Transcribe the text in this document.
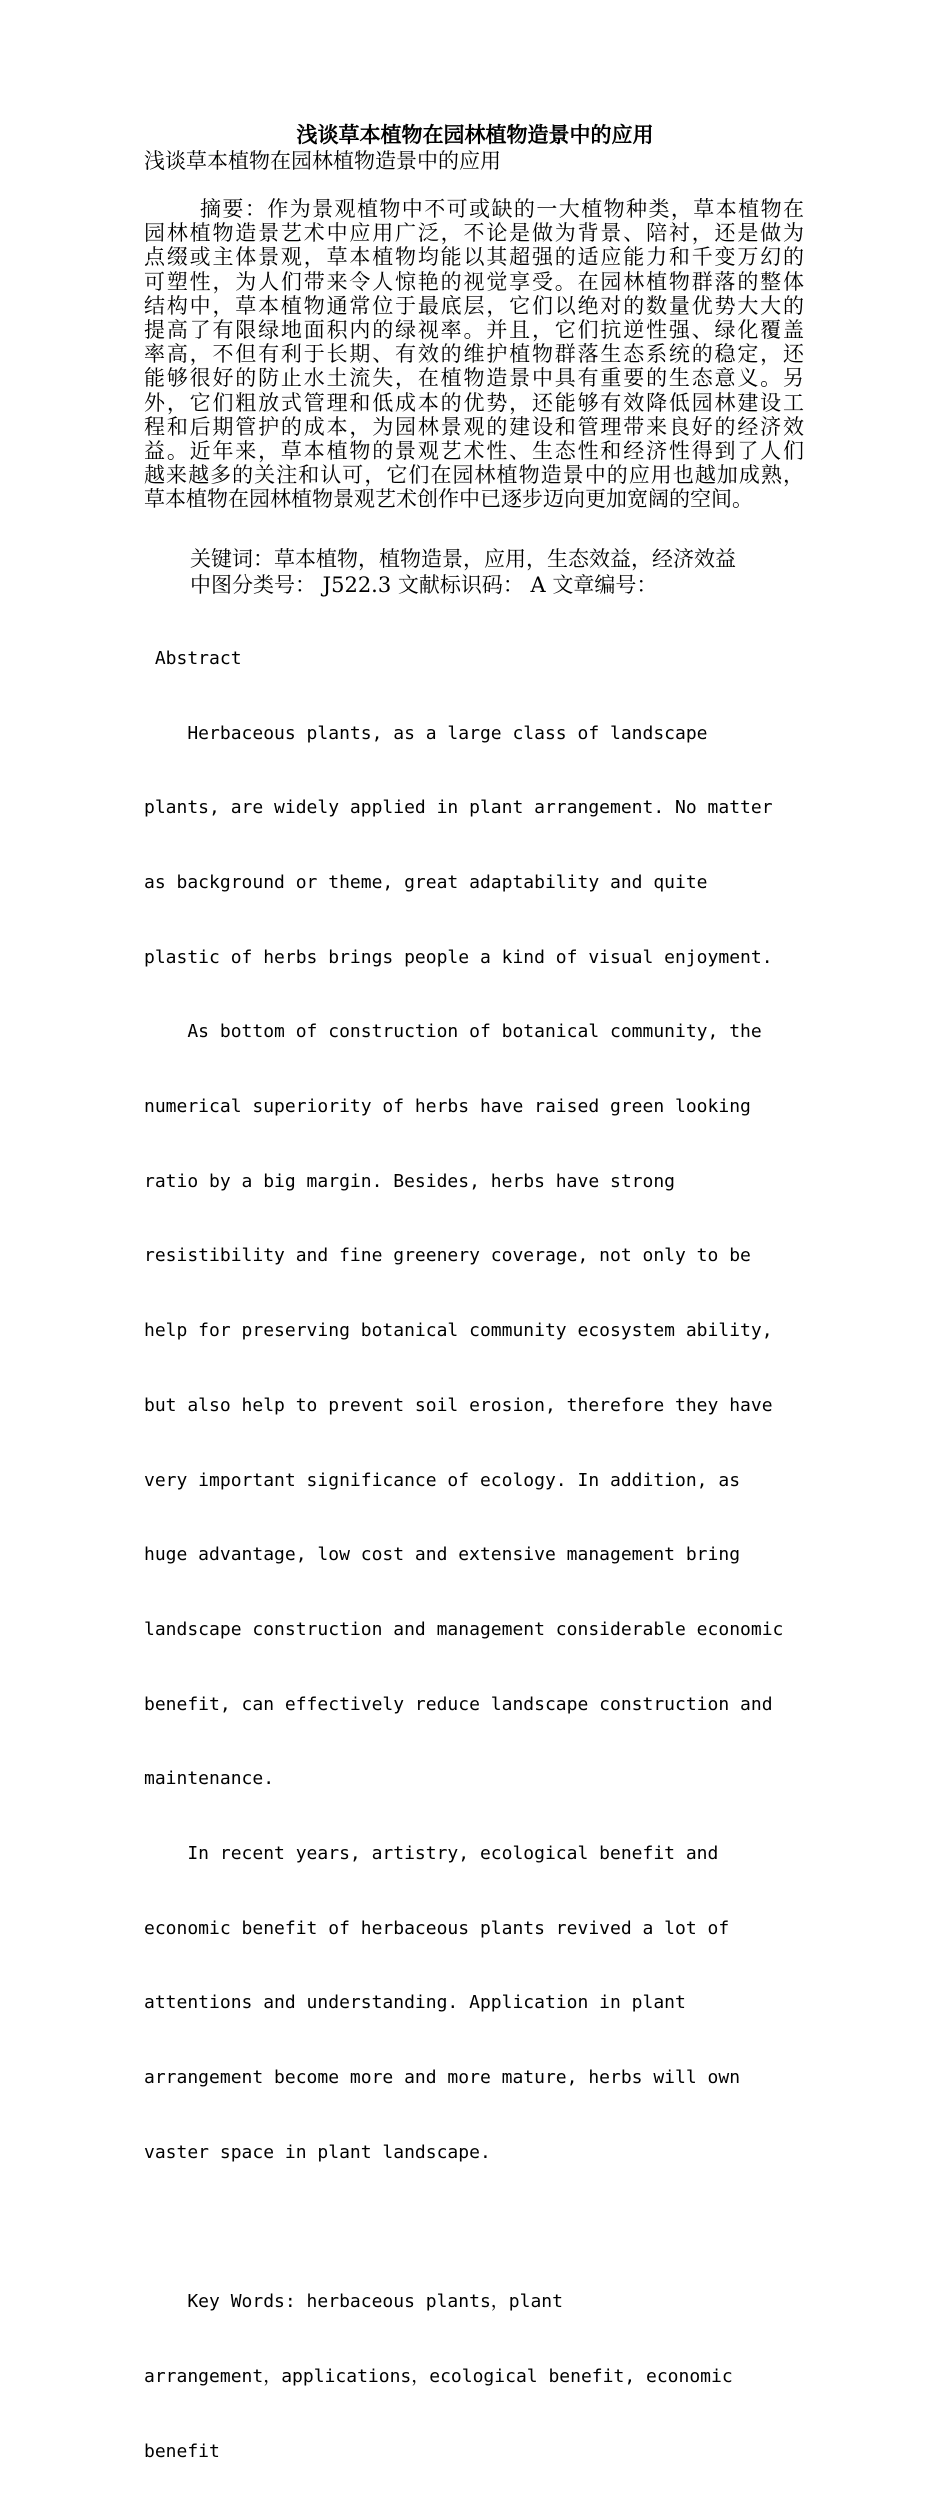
浅谈草本植物在园林植物造景中的应用
浅谈草本植物在园林植物造景中的应用
摘要：作为景观植物中不可或缺的一大植物种类，草本植物在
园林植物造景艺术中应用广泛，不论是做为背景、陪衬，还是做为
点缀或主体景观，草本植物均能以其超强的适应能力和千变万幻的
可塑性，为人们带来令人惊艳的视觉享受。在园林植物群落的整体
结构中，草本植物通常位于最底层，它们以绝对的数量优势大大的
提高了有限绿地面积内的绿视率。并且，它们抗逆性强、绿化覆盖
率高，不但有利于长期、有效的维护植物群落生态系统的稳定，还
能够很好的防止水土流失，在植物造景中具有重要的生态意义。另
外，它们粗放式管理和低成本的优势，还能够有效降低园林建设工
程和后期管护的成本，为园林景观的建设和管理带来良好的经济效
益。近年来，草本植物的景观艺术性、生态性和经济性得到了人们
越来越多的关注和认可，它们在园林植物造景中的应用也越加成熟，
草本植物在园林植物景观艺术创作中已逐步迈向更加宽阔的空间。
关键词：草本植物，植物造景，应用，生态效益，经济效益
中图分类号： J522.3 文献标识码： A 文章编号：

Abstract

Herbaceous plants, as a large class of landscape

plants, are widely applied in plant arrangement. No matter

as background or theme, great adaptability and quite

plastic of herbs brings people a kind of visual enjoyment.

As bottom of construction of botanical community, the

numerical superiority of herbs have raised green looking

ratio by a big margin. Besides, herbs have strong

resistibility and fine greenery coverage, not only to be

help for preserving botanical community ecosystem ability,

but also help to prevent soil erosion, therefore they have

very important significance of ecology. In addition, as

huge advantage, low cost and extensive management bring

landscape construction and management considerable economic

benefit, can effectively reduce landscape construction and

maintenance.

In recent years, artistry, ecological benefit and

economic benefit of herbaceous plants revived a lot of

attentions and understanding. Application in plant

arrangement become more and more mature, herbs will own

vaster space in plant landscape.

Key Words: herbaceous plants，plant

arrangement，applications，ecological benefit, economic

benefit
